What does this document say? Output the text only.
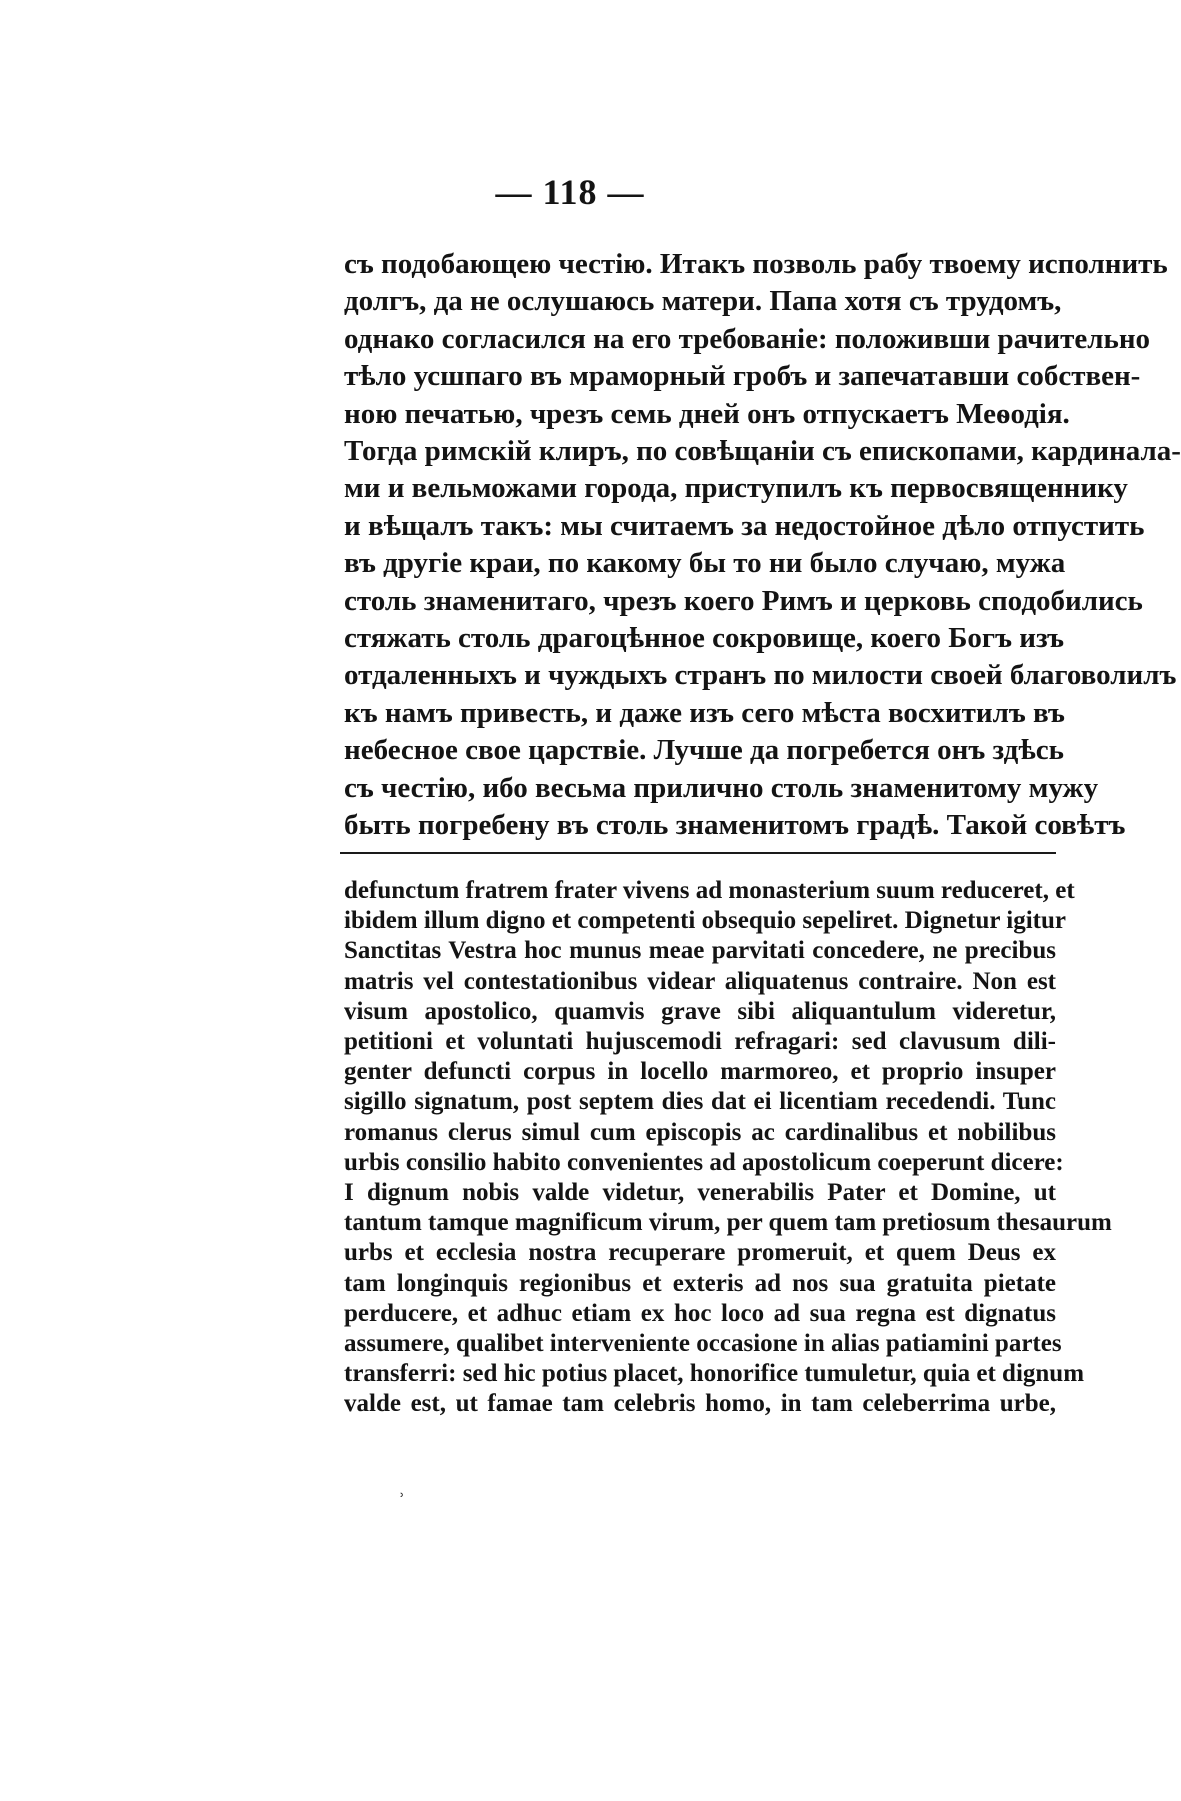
— 118 —
съ подобающею честію. Итакъ позволь рабу твоему исполнить
долгъ, да не ослушаюсь матери. Папа хотя съ трудомъ,
однако согласился на его требованіе: положивши рачительно
тѣло усшпаго въ мраморный гробъ и запечатавши собствен-
ною печатью, чрезъ семь дней онъ отпускаетъ Меѳодія.
Тогда римскій клиръ, по совѣщаніи съ епископами, кардинала-
ми и вельможами города, приступилъ къ первосвященнику
и вѣщалъ такъ: мы считаемъ за недостойное дѣло отпустить
въ другіе краи, по какому бы то ни было случаю, мужа
столь знаменитаго, чрезъ коего Римъ и церковь сподобились
стяжать столь драгоцѣнное сокровище, коего Богъ изъ
отдаленныхъ и чуждыхъ странъ по милости своей благоволилъ
къ намъ привесть, и даже изъ сего мѣста восхитилъ въ
небесное свое царствіе. Лучше да погребется онъ здѣсь
съ честію, ибо весьма прилично столь знаменитому мужу
быть погребену въ столь знаменитомъ градѣ. Такой совѣтъ
defunctum fratrem frater vivens ad monasterium suum reduceret, et
ibidem illum digno et competenti obsequio sepeliret. Dignetur igitur
Sanctitas Vestra hoc munus meae parvitati concedere, ne precibus
matris vel contestationibus videar aliquatenus contraire. Non est
visum apostolico, quamvis grave sibi aliquantulum videretur,
petitioni et voluntati hujuscemodi refragari: sed clavusum dili-
genter defuncti corpus in locello marmoreo, et proprio insuper
sigillo signatum, post septem dies dat ei licentiam recedendi. Tunc
romanus clerus simul cum episcopis ac cardinalibus et nobilibus
urbis consilio habito convenientes ad apostolicum coeperunt dicere:
I dignum nobis valde videtur, venerabilis Pater et Domine, ut
tantum tamque magnificum virum, per quem tam pretiosum thesaurum
urbs et ecclesia nostra recuperare promeruit, et quem Deus ex
tam longinquis regionibus et exteris ad nos sua gratuita pietate
perducere, et adhuc etiam ex hoc loco ad sua regna est dignatus
assumere, qualibet interveniente occasione in alias patiamini partes
transferri: sed hic potius placet, honorifice tumuletur, quia et dignum
valde est, ut famae tam celebris homo, in tam celeberrima urbe,
˒
